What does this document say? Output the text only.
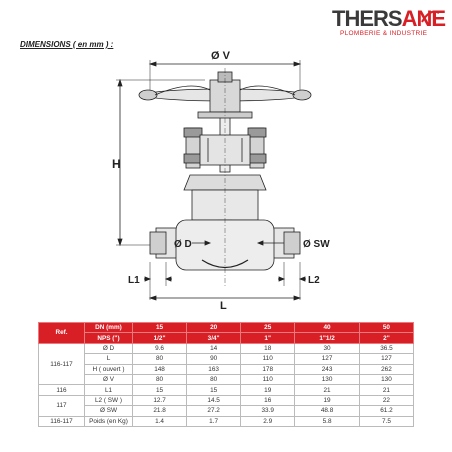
THERSANE
PLOMBERIE & INDUSTRIE
DIMENSIONS ( en mm ) :
Ø V
H
Ø D	Ø SW
L1	L2
L
Ref.	DN (mm)	15	20	25	40	50
	NPS (")	1/2"	3/4"	1"	1"1/2	2"
116-117	Ø D	9.6	14	18	30	36.5
	L	80	90	110	127	127
	H ( ouvert )	148	163	178	243	262
	Ø V	80	80	110	130	130
116	L1	15	15	19	21	21
117	L2 ( SW )	12.7	14.5	16	19	22
	Ø SW	21.8	27.2	33.9	48.8	61.2
116-117	Poids (en Kg)	1.4	1.7	2.9	5.8	7.5
